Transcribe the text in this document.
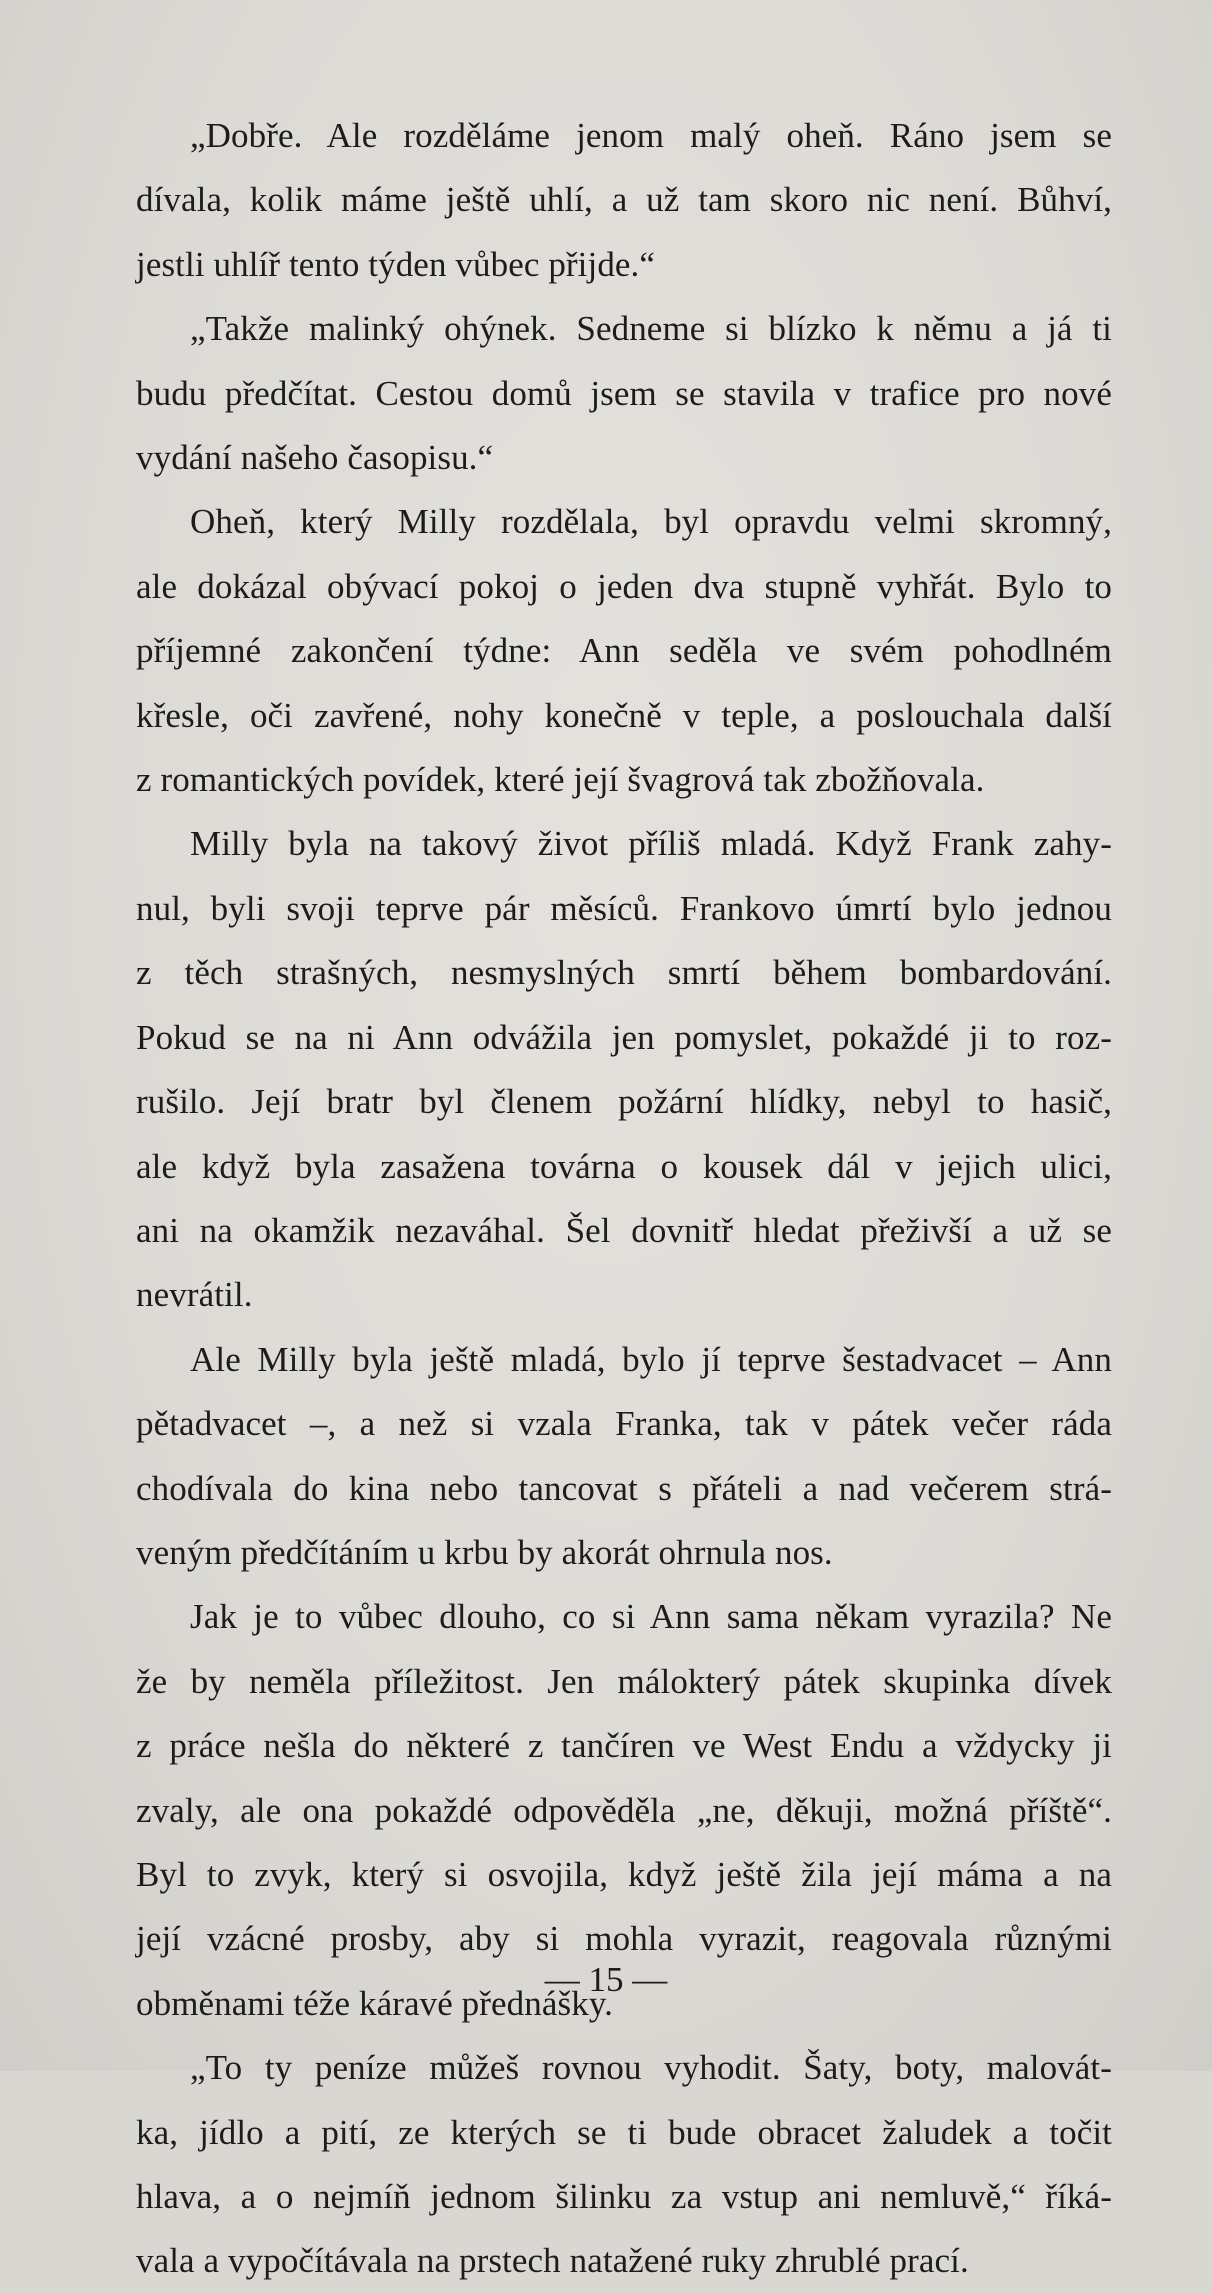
„Dobře. Ale rozděláme jenom malý oheň. Ráno jsem se
dívala, kolik máme ještě uhlí, a už tam skoro nic není. Bůhví,
jestli uhlíř tento týden vůbec přijde.“

„Takže malinký ohýnek. Sedneme si blízko k němu a já ti
budu předčítat. Cestou domů jsem se stavila v trafice pro nové
vydání našeho časopisu.“

Oheň, který Milly rozdělala, byl opravdu velmi skromný,
ale dokázal obývací pokoj o jeden dva stupně vyhřát. Bylo to
příjemné zakončení týdne: Ann seděla ve svém pohodlném
křesle, oči zavřené, nohy konečně v teple, a poslouchala další
z romantických povídek, které její švagrová tak zbožňovala.

Milly byla na takový život příliš mladá. Když Frank zahy-
nul, byli svoji teprve pár měsíců. Frankovo úmrtí bylo jednou
z těch strašných, nesmyslných smrtí během bombardování.
Pokud se na ni Ann odvážila jen pomyslet, pokaždé ji to roz-
rušilo. Její bratr byl členem požární hlídky, nebyl to hasič,
ale když byla zasažena továrna o kousek dál v jejich ulici,
ani na okamžik nezaváhal. Šel dovnitř hledat přeživší a už se
nevrátil.

Ale Milly byla ještě mladá, bylo jí teprve šestadvacet – Ann
pětadvacet –, a než si vzala Franka, tak v pátek večer ráda
chodívala do kina nebo tancovat s přáteli a nad večerem strá-
veným předčítáním u krbu by akorát ohrnula nos.

Jak je to vůbec dlouho, co si Ann sama někam vyrazila? Ne
že by neměla příležitost. Jen málokterý pátek skupinka dívek
z práce nešla do některé z tančíren ve West Endu a vždycky ji
zvaly, ale ona pokaždé odpověděla „ne, děkuji, možná příště“.
Byl to zvyk, který si osvojila, když ještě žila její máma a na
její vzácné prosby, aby si mohla vyrazit, reagovala různými
obměnami téže káravé přednášky.

„To ty peníze můžeš rovnou vyhodit. Šaty, boty, malovát-
ka, jídlo a pití, ze kterých se ti bude obracet žaludek a točit
hlava, a o nejmíň jednom šilinku za vstup ani nemluvě,“ říká-
vala a vypočítávala na prstech natažené ruky zhrublé prací.

— 15 —
